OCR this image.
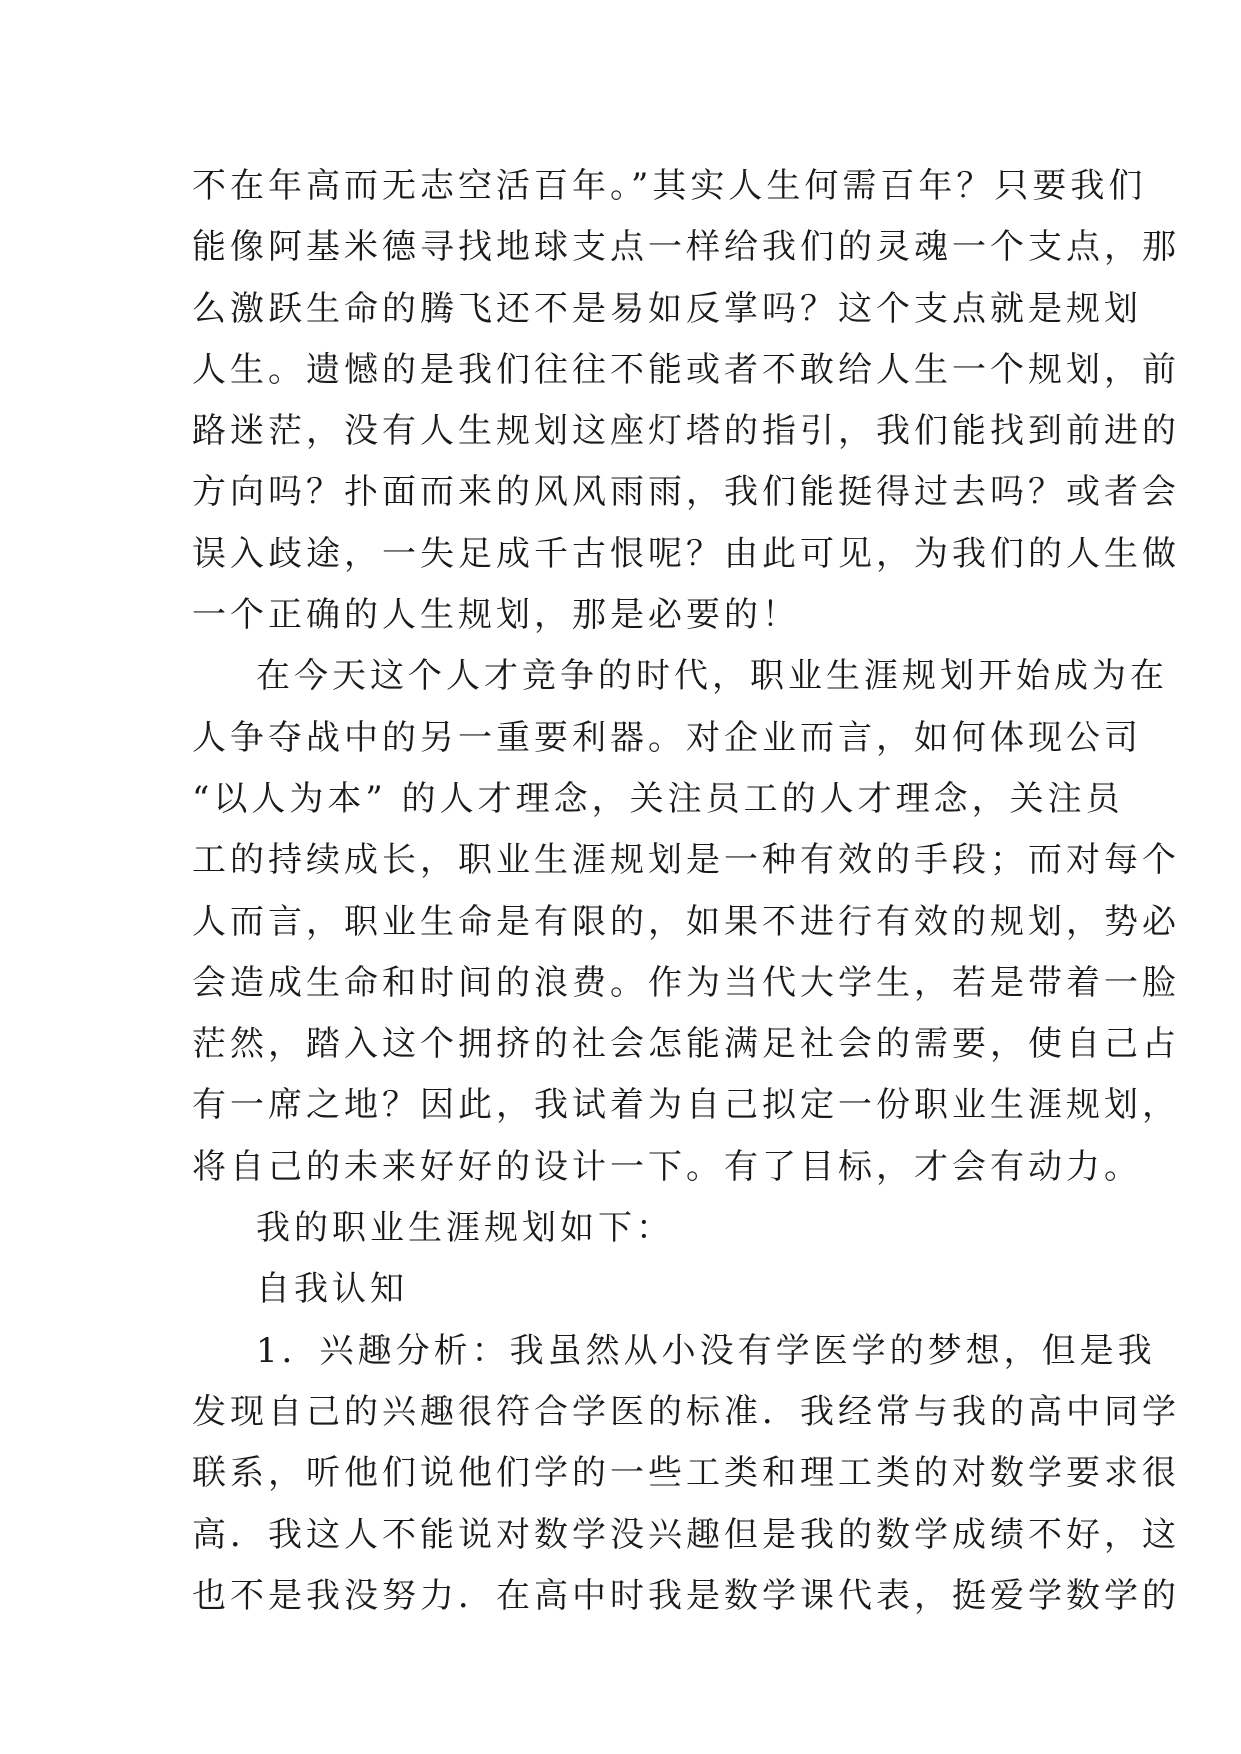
不在年高而无志空活百年。”其实人生何需百年？只要我们
能像阿基米德寻找地球支点一样给我们的灵魂一个支点，那
么激跃生命的腾飞还不是易如反掌吗？这个支点就是规划
人生。遗憾的是我们往往不能或者不敢给人生一个规划，前
路迷茫，没有人生规划这座灯塔的指引，我们能找到前进的
方向吗？扑面而来的风风雨雨，我们能挺得过去吗？或者会
误入歧途，一失足成千古恨呢？由此可见，为我们的人生做
一个正确的人生规划，那是必要的！
在今天这个人才竞争的时代，职业生涯规划开始成为在
人争夺战中的另一重要利器。对企业而言，如何体现公司
“以人为本” 的人才理念，关注员工的人才理念，关注员
工的持续成长，职业生涯规划是一种有效的手段；而对每个
人而言，职业生命是有限的，如果不进行有效的规划，势必
会造成生命和时间的浪费。作为当代大学生，若是带着一脸
茫然，踏入这个拥挤的社会怎能满足社会的需要，使自己占
有一席之地？因此，我试着为自己拟定一份职业生涯规划，
将自己的未来好好的设计一下。有了目标，才会有动力。
我的职业生涯规划如下：
自我认知
1．兴趣分析：我虽然从小没有学医学的梦想，但是我
发现自己的兴趣很符合学医的标准．我经常与我的高中同学
联系，听他们说他们学的一些工类和理工类的对数学要求很
高．我这人不能说对数学没兴趣但是我的数学成绩不好，这
也不是我没努力．在高中时我是数学课代表，挺爱学数学的
